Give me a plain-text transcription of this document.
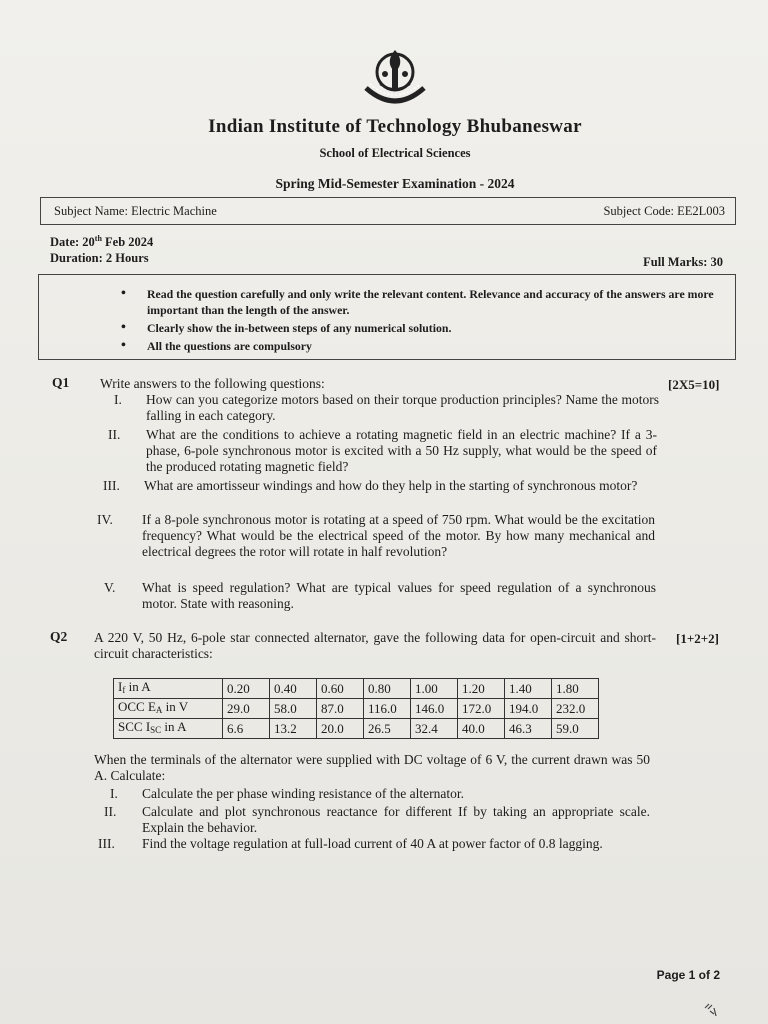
Indian Institute of Technology Bhubaneswar
School of Electrical Sciences
Spring Mid-Semester Examination - 2024
Subject Name: Electric Machine	Subject Code: EE2L003
Date: 20th Feb 2024
Duration: 2 Hours	Full Marks: 30
• Read the question carefully and only write the relevant content. Relevance and accuracy of the answers are more important than the length of the answer.
• Clearly show the in-between steps of any numerical solution.
• All the questions are compulsory
Q1 Write answers to the following questions:	[2X5=10]
I. How can you categorize motors based on their torque production principles? Name the motors falling in each category.
II. What are the conditions to achieve a rotating magnetic field in an electric machine? If a 3-phase, 6-pole synchronous motor is excited with a 50 Hz supply, what would be the speed of the produced rotating magnetic field?
III. What are amortisseur windings and how do they help in the starting of synchronous motor?
IV. If a 8-pole synchronous motor is rotating at a speed of 750 rpm. What would be the excitation frequency? What would be the electrical speed of the motor. By how many mechanical and electrical degrees the rotor will rotate in half revolution?
V. What is speed regulation? What are typical values for speed regulation of a synchronous motor. State with reasoning.
Q2 A 220 V, 50 Hz, 6-pole star connected alternator, gave the following data for open-circuit and short-circuit characteristics:
[1+2+2]
If in A	0.20	0.40	0.60	0.80	1.00	1.20	1.40	1.80
OCC EA in V	29.0	58.0	87.0	116.0	146.0	172.0	194.0	232.0
SCC ISC in A	6.6	13.2	20.0	26.5	32.4	40.0	46.3	59.0
When the terminals of the alternator were supplied with DC voltage of 6 V, the current drawn was 50 A. Calculate:
I. Calculate the per phase winding resistance of the alternator.
II. Calculate and plot synchronous reactance for different If by taking an appropriate scale. Explain the behavior.
III. Find the voltage regulation at full-load current of 40 A at power factor of 0.8 lagging.
Page 1 of 2
